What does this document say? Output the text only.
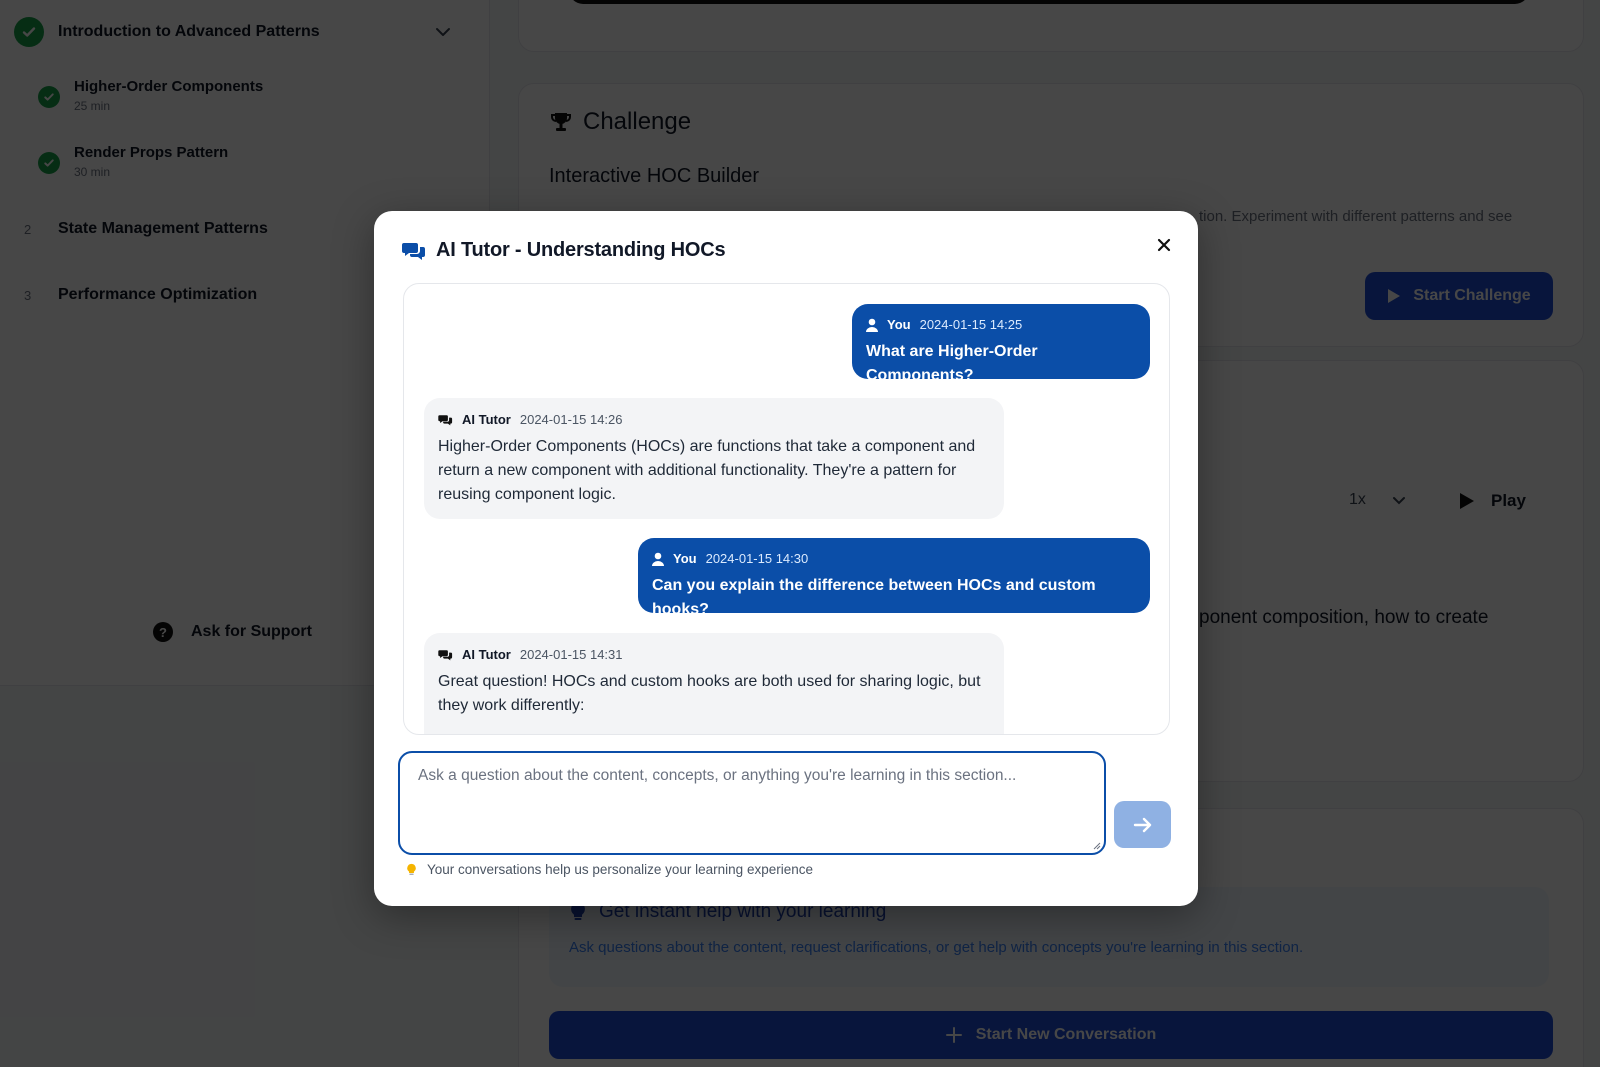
AI Tutor - Understanding HOCs
You 2024-01-15 14:25
What are Higher-Order Components?
AI Tutor 2024-01-15 14:26
Higher-Order Components (HOCs) are functions that take a component and return a new component with additional functionality. They're a pattern for reusing component logic.
You 2024-01-15 14:30
Can you explain the difference between HOCs and custom hooks?
AI Tutor 2024-01-15 14:31
Great question! HOCs and custom hooks are both used for sharing logic, but they work differently:
Ask a question about the content, concepts, or anything you're learning in this section...
Your conversations help us personalize your learning experience
